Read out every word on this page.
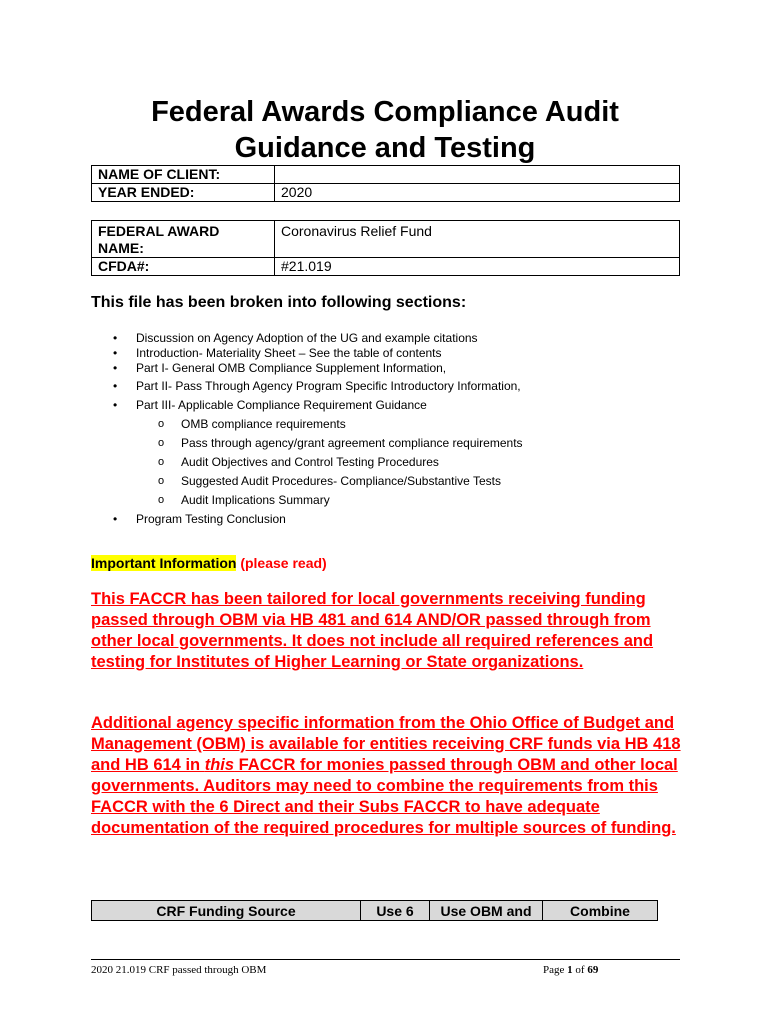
Federal Awards Compliance Audit
Guidance and Testing
NAME OF CLIENT:	
YEAR ENDED:	2020
FEDERAL AWARD NAME:	Coronavirus Relief Fund
CFDA#:	#21.019
This file has been broken into following sections:
• Discussion on Agency Adoption of the UG and example citations
• Introduction- Materiality Sheet – See the table of contents
• Part I- General OMB Compliance Supplement Information,
• Part II- Pass Through Agency Program Specific Introductory Information,
• Part III- Applicable Compliance Requirement Guidance
o OMB compliance requirements
o Pass through agency/grant agreement compliance requirements
o Audit Objectives and Control Testing Procedures
o Suggested Audit Procedures- Compliance/Substantive Tests
o Audit Implications Summary
• Program Testing Conclusion
Important Information (please read)
This FACCR has been tailored for local governments receiving funding passed through OBM via HB 481 and 614 AND/OR passed through from other local governments. It does not include all required references and testing for Institutes of Higher Learning or State organizations.
Additional agency specific information from the Ohio Office of Budget and Management (OBM) is available for entities receiving CRF funds via HB 418 and HB 614 in this FACCR for monies passed through OBM and other local governments. Auditors may need to combine the requirements from this FACCR with the 6 Direct and their Subs FACCR to have adequate documentation of the required procedures for multiple sources of funding.
CRF Funding Source	Use 6	Use OBM and	Combine
2020 21.019 CRF passed through OBM	Page 1 of 69
